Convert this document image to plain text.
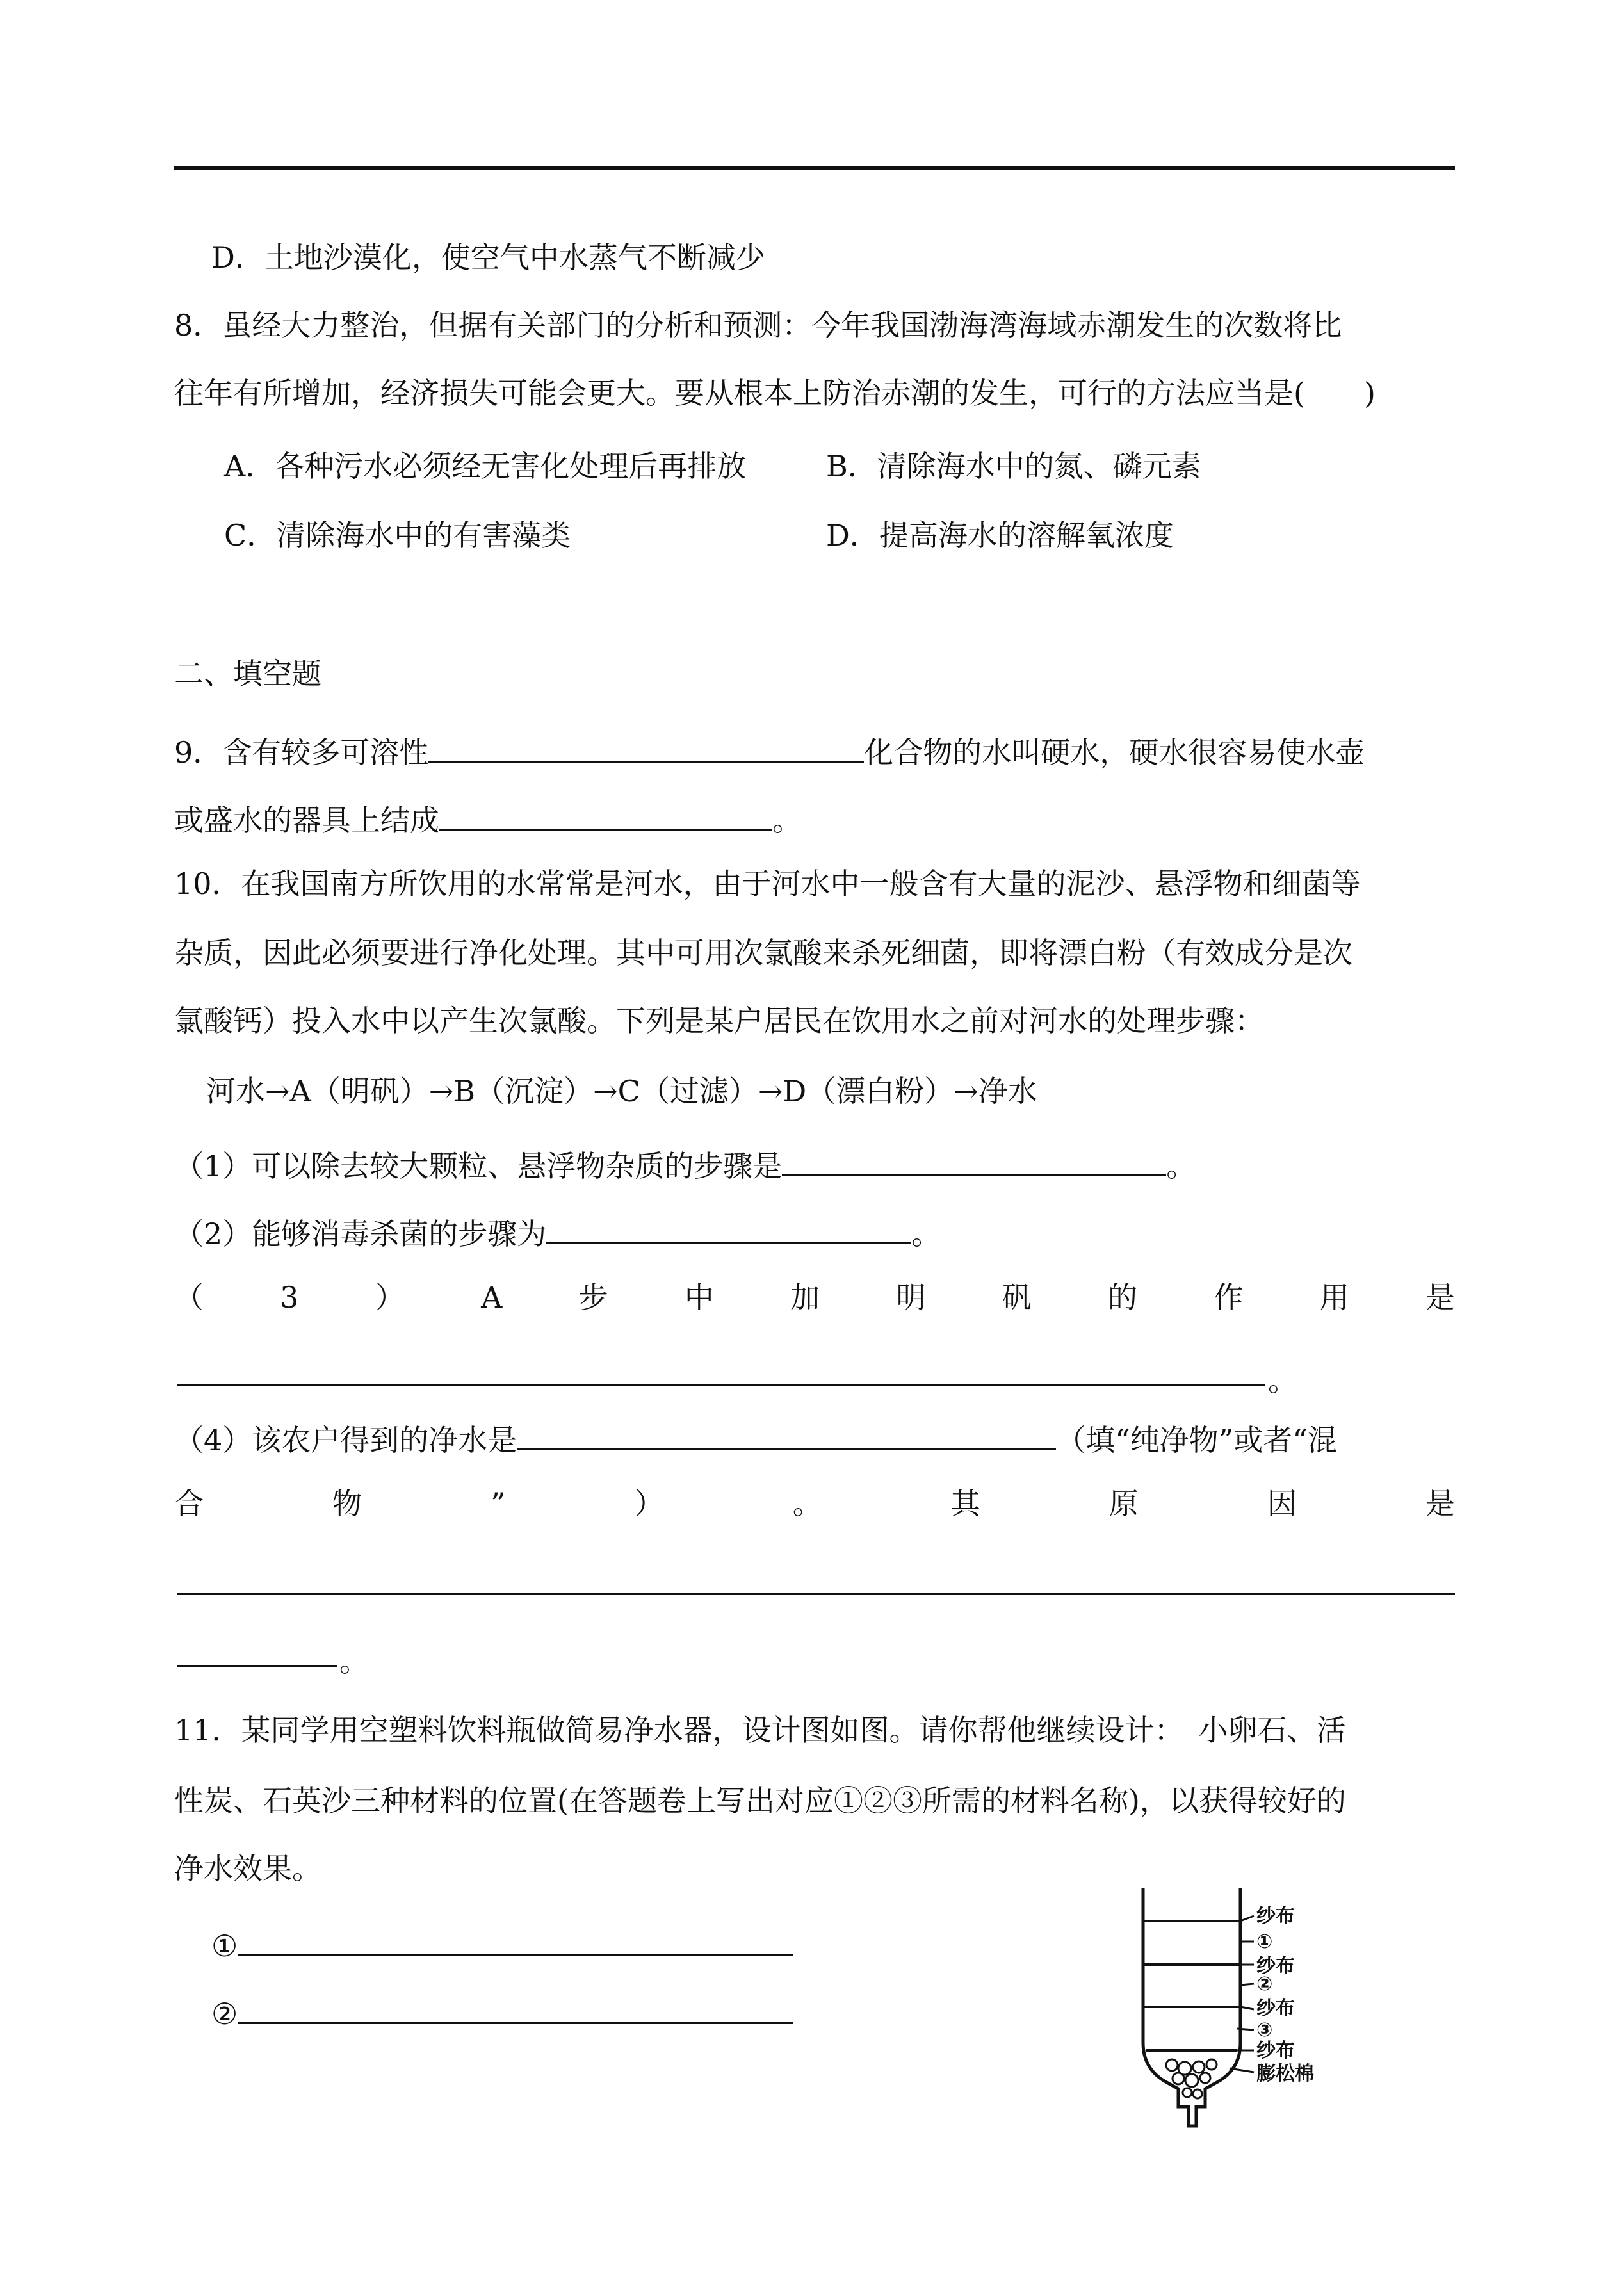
D．土地沙漠化，使空气中水蒸气不断减少
8．虽经大力整治，但据有关部门的分析和预测：今年我国渤海湾海域赤潮发生的次数将比
往年有所增加，经济损失可能会更大。要从根本上防治赤潮的发生，可行的方法应当是(　　)
A．各种污水必须经无害化处理后再排放	B．清除海水中的氮、磷元素
C．清除海水中的有害藻类	D．提高海水的溶解氧浓度
二、填空题
9．含有较多可溶性	化合物的水叫硬水，硬水很容易使水壶
或盛水的器具上结成	。
10．在我国南方所饮用的水常常是河水，由于河水中一般含有大量的泥沙、悬浮物和细菌等
杂质，因此必须要进行净化处理。其中可用次氯酸来杀死细菌，即将漂白粉（有效成分是次
氯酸钙）投入水中以产生次氯酸。下列是某户居民在饮用水之前对河水的处理步骤：
河水→A（明矾）→B（沉淀）→C（过滤）→D（漂白粉）→净水
（1）可以除去较大颗粒、悬浮物杂质的步骤是	。
（2）能够消毒杀菌的步骤为	。
（	3	）	A	步	中	加	明	矾	的	作	用	是
。
（4）该农户得到的净水是	（填“纯净物”或者“混
合	物	”	）	。	其	原	因	是
。
11．某同学用空塑料饮料瓶做简易净水器，设计图如图。请你帮他继续设计：　小卵石、活
性炭、石英沙三种材料的位置(在答题卷上写出对应①②③所需的材料名称)，以获得较好的
净水效果。
①
②
纱布
①
纱布
②
纱布
③
纱布
膨松棉
